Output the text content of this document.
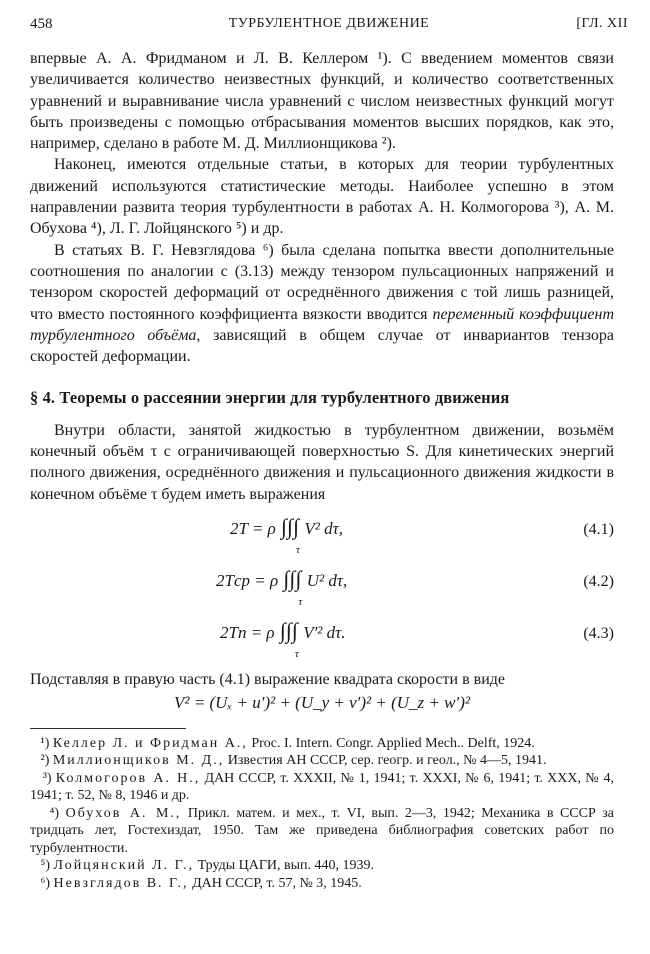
458	ТУРБУЛЕНТНОЕ ДВИЖЕНИЕ	[ГЛ. XII

впервые А. А. Фридманом и Л. В. Келлером ¹). С введением моментов связи увеличивается количество неизвестных функций, и количество соответственных уравнений и выравнивание числа уравнений с числом неизвестных функций могут быть произведены с помощью отбрасывания моментов высших порядков, как это, например, сделано в работе М. Д. Миллионщикова ²).

Наконец, имеются отдельные статьи, в которых для теории турбулентных движений используются статистические методы. Наиболее успешно в этом направлении развита теория турбулентности в работах А. Н. Колмогорова ³), А. М. Обухова ⁴), Л. Г. Лойцянского ⁵) и др.

В статьях В. Г. Невзглядова ⁶) была сделана попытка ввести дополнительные соотношения по аналогии с (3.13) между тензором пульсационных напряжений и тензором скоростей деформаций от осреднённого движения с той лишь разницей, что вместо постоянного коэффициента вязкости вводится переменный коэффициент турбулентного объёма, зависящий в общем случае от инвариантов тензора скоростей деформации.

§ 4. Теоремы о рассеянии энергии для турбулентного движения

Внутри области, занятой жидкостью в турбулентном движении, возьмём конечный объём τ с ограничивающей поверхностью S. Для кинетических энергий полного движения, осреднённого движения и пульсационного движения жидкости в конечном объёме τ будем иметь выражения

2T = ρ ∫∫∫
τ
V² dτ,	(4.1)
2Tср = ρ ∫∫∫
τ
U² dτ,	(4.2)
2Tп = ρ ∫∫∫
τ
V′² dτ.	(4.3)

Подставляя в правую часть (4.1) выражение квадрата скорости в виде

V² = (Uₓ + u′)² + (U_y + v′)² + (U_z + w′)²
¹) Келлер Л. и Фридман А., Proc. I. Intern. Congr. Applied Mech.. Delft, 1924.
²) Миллионщиков М. Д., Известия АН СССР, сер. геогр. и геол., № 4—5, 1941.
³) Колмогоров А. Н., ДАН СССР, т. XXXII, № 1, 1941; т. XXXI, № 6, 1941; т. XXX, № 4, 1941; т. 52, № 8, 1946 и др.
⁴) Обухов А. М., Прикл. матем. и мех., т. VI, вып. 2—3, 1942; Механика в СССР за тридцать лет, Гостехиздат, 1950. Там же приведена библиография советских работ по турбулентности.
⁵) Лойцянский Л. Г., Труды ЦАГИ, вып. 440, 1939.
⁶) Невзглядов В. Г., ДАН СССР, т. 57, № 3, 1945.
